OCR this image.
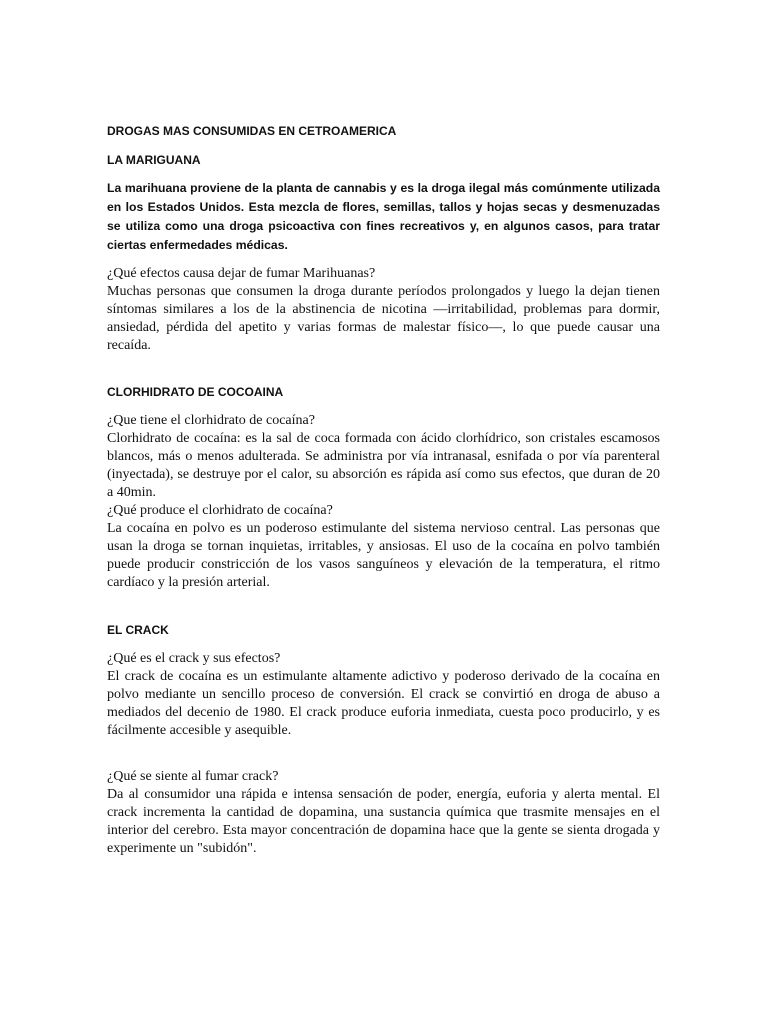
DROGAS MAS CONSUMIDAS EN CETROAMERICA

LA MARIGUANA

La marihuana proviene de la planta de cannabis y es la droga ilegal más comúnmente utilizada en los Estados Unidos. Esta mezcla de flores, semillas, tallos y hojas secas y desmenuzadas se utiliza como una droga psicoactiva con fines recreativos y, en algunos casos, para tratar ciertas enfermedades médicas.

¿Qué efectos causa dejar de fumar Marihuanas?

Muchas personas que consumen la droga durante períodos prolongados y luego la dejan tienen síntomas similares a los de la abstinencia de nicotina —irritabilidad, problemas para dormir, ansiedad, pérdida del apetito y varias formas de malestar físico—, lo que puede causar una recaída.

CLORHIDRATO DE COCOAINA

¿Que tiene el clorhidrato de cocaína?

Clorhidrato de cocaína: es la sal de coca formada con ácido clorhídrico, son cristales escamosos blancos, más o menos adulterada. Se administra por vía intranasal, esnifada o por vía parenteral (inyectada), se destruye por el calor, su absorción es rápida así como sus efectos, que duran de 20 a 40min.

¿Qué produce el clorhidrato de cocaína?

La cocaína en polvo es un poderoso estimulante del sistema nervioso central. Las personas que usan la droga se tornan inquietas, irritables, y ansiosas. El uso de la cocaína en polvo también puede producir constricción de los vasos sanguíneos y elevación de la temperatura, el ritmo cardíaco y la presión arterial.

EL CRACK

¿Qué es el crack y sus efectos?

El crack de cocaína es un estimulante altamente adictivo y poderoso derivado de la cocaína en polvo mediante un sencillo proceso de conversión. El crack se convirtió en droga de abuso a mediados del decenio de 1980. El crack produce euforia inmediata, cuesta poco producirlo, y es fácilmente accesible y asequible.

¿Qué se siente al fumar crack?

Da al consumidor una rápida e intensa sensación de poder, energía, euforia y alerta mental. El crack incrementa la cantidad de dopamina, una sustancia química que trasmite mensajes en el interior del cerebro. Esta mayor concentración de dopamina hace que la gente se sienta drogada y experimente un "subidón".
